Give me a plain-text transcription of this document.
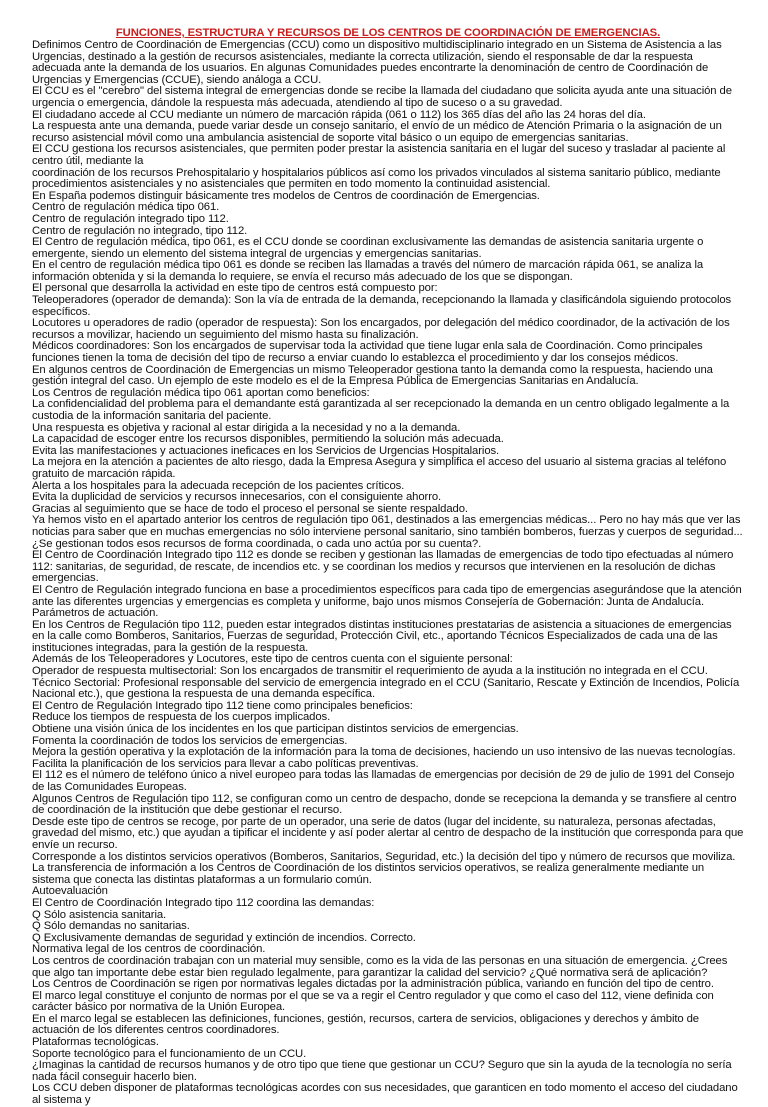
FUNCIONES, ESTRUCTURA Y RECURSOS DE LOS CENTROS DE COORDINACIÓN DE EMERGENCIAS.

Definimos Centro de Coordinación de Emergencias (CCU) como un dispositivo multidisciplinario integrado en un Sistema de Asistencia a las Urgencias, destinado a la gestión de recursos asistenciales, mediante la correcta utilización, siendo el responsable de dar la respuesta adecuada ante la demanda de los usuarios. En algunas Comunidades puedes encontrarte la denominación de centro de Coordinación de Urgencias y Emergencias (CCUE), siendo análoga a CCU.

El CCU es el "cerebro" del sistema integral de emergencias donde se recibe la llamada del ciudadano que solicita ayuda ante una situación de urgencia o emergencia, dándole la respuesta más adecuada, atendiendo al tipo de suceso o a su gravedad.

El ciudadano accede al CCU mediante un número de marcación rápida (061 o 112) los 365 días del año las 24 horas del día.

La respuesta ante una demanda, puede variar desde un consejo sanitario, el envío de un médico de Atención Primaria o la asignación de un recurso asistencial móvil como una ambulancia asistencial de soporte vital básico o un equipo de emergencias sanitarias.

El CCU gestiona los recursos asistenciales, que permiten poder prestar la asistencia sanitaria en el lugar del suceso y trasladar al paciente al centro útil, mediante la

coordinación de los recursos Prehospitalario y hospitalarios públicos así como los privados vinculados al sistema sanitario público, mediante procedimientos asistenciales y no asistenciales que permiten en todo momento la continuidad asistencial.

En España podemos distinguir básicamente tres modelos de Centros de coordinación de Emergencias.

Centro de regulación médica tipo 061.

Centro de regulación integrado tipo 112.

Centro de regulación no integrado, tipo 112.

El Centro de regulación médica, tipo 061, es el CCU donde se coordinan exclusivamente las demandas de asistencia sanitaria urgente o emergente, siendo un elemento del sistema integral de urgencias y emergencias sanitarias.

En el centro de regulación médica tipo 061 es donde se reciben las llamadas a través del número de marcación rápida 061, se analiza la información obtenida y si la demanda lo requiere, se envía el recurso más adecuado de los que se dispongan.

El personal que desarrolla la actividad en este tipo de centros está compuesto por:

Teleoperadores (operador de demanda): Son la vía de entrada de la demanda, recepcionando la llamada y clasificándola siguiendo protocolos específicos.

Locutores u operadores de radio (operador de respuesta): Son los encargados, por delegación del médico coordinador, de la activación de los recursos a movilizar, haciendo un seguimiento del mismo hasta su finalización.

Médicos coordinadores: Son los encargados de supervisar toda la actividad que tiene lugar enla sala de Coordinación. Como principales funciones tienen la toma de decisión del tipo de recurso a enviar cuando lo establezca el procedimiento y dar los consejos médicos.

En algunos centros de Coordinación de Emergencias un mismo Teleoperador gestiona tanto la demanda como la respuesta, haciendo una gestión integral del caso. Un ejemplo de este modelo es el de la Empresa Pública de Emergencias Sanitarias en Andalucía.

Los Centros de regulación médica tipo 061 aportan como beneficios:

La confidencialidad del problema para el demandante está garantizada al ser recepcionado la demanda en un centro obligado legalmente a la custodia de la información sanitaria del paciente.

Una respuesta es objetiva y racional al estar dirigida a la necesidad y no a la demanda.

La capacidad de escoger entre los recursos disponibles, permitiendo la solución más adecuada.

Evita las manifestaciones y actuaciones ineficaces en los Servicios de Urgencias Hospitalarios.

La mejora en la atención a pacientes de alto riesgo, dada la Empresa Asegura y simplifica el acceso del usuario al sistema gracias al teléfono gratuito de marcación rápida.

Alerta a los hospitales para la adecuada recepción de los pacientes críticos.

Evita la duplicidad de servicios y recursos innecesarios, con el consiguiente ahorro.

Gracias al seguimiento que se hace de todo el proceso el personal se siente respaldado.

Ya hemos visto en el apartado anterior los centros de regulación tipo 061, destinados a las emergencias médicas... Pero no hay más que ver las noticias para saber que en muchas emergencias no sólo interviene personal sanitario, sino también bomberos, fuerzas y cuerpos de seguridad... ¿Se gestionan todos esos recursos de forma coordinada, o cada uno actúa por su cuenta?.

El Centro de Coordinación Integrado tipo 112 es donde se reciben y gestionan las llamadas de emergencias de todo tipo efectuadas al número 112: sanitarias, de seguridad, de rescate, de incendios etc. y se coordinan los medios y recursos que intervienen en la resolución de dichas emergencias.

El Centro de Regulación integrado funciona en base a procedimientos específicos para cada tipo de emergencias asegurándose que la atención ante las diferentes urgencias y emergencias es completa y uniforme, bajo unos mismos Consejería de Gobernación: Junta de Andalucía. Parámetros de actuación.

En los Centros de Regulación tipo 112, pueden estar integrados distintas instituciones prestatarias de asistencia a situaciones de emergencias en la calle como Bomberos, Sanitarios, Fuerzas de seguridad, Protección Civil, etc., aportando Técnicos Especializados de cada una de las instituciones integradas, para la gestión de la respuesta.

Además de los Teleoperadores y Locutores, este tipo de centros cuenta con el siguiente personal:

Operador de respuesta multisectorial: Son los encargados de transmitir el requerimiento de ayuda a la institución no integrada en el CCU.

Técnico Sectorial: Profesional responsable del servicio de emergencia integrado en el CCU (Sanitario, Rescate y Extinción de Incendios, Policía Nacional etc.), que gestiona la respuesta de una demanda específica.

El Centro de Regulación Integrado tipo 112 tiene como principales beneficios:

Reduce los tiempos de respuesta de los cuerpos implicados.

Obtiene una visión única de los incidentes en los que participan distintos servicios de emergencias.

Fomenta la coordinación de todos los servicios de emergencias.

Mejora la gestión operativa y la explotación de la información para la toma de decisiones, haciendo un uso intensivo de las nuevas tecnologías.

Facilita la planificación de los servicios para llevar a cabo políticas preventivas.

El 112 es el número de teléfono único a nivel europeo para todas las llamadas de emergencias por decisión de 29 de julio de 1991 del Consejo de las Comunidades Europeas.

Algunos Centros de Regulación tipo 112, se configuran como un centro de despacho, donde se recepciona la demanda y se transfiere al centro de coordinación de la institución que debe gestionar el recurso.

Desde este tipo de centros se recoge, por parte de un operador, una serie de datos (lugar del incidente, su naturaleza, personas afectadas, gravedad del mismo, etc.) que ayudan a tipificar el incidente y así poder alertar al centro de despacho de la institución que corresponda para que envíe un recurso.

Corresponde a los distintos servicios operativos (Bomberos, Sanitarios, Seguridad, etc.) la decisión del tipo y número de recursos que moviliza.

La transferencia de información a los Centros de Coordinación de los distintos servicios operativos, se realiza generalmente mediante un sistema que conecta las distintas plataformas a un formulario común.

Autoevaluación

El Centro de Coordinación Integrado tipo 112 coordina las demandas:

Q Sólo asistencia sanitaria.

Q Sólo demandas no sanitarias.

Q Exclusivamente demandas de seguridad y extinción de incendios. Correcto.

Normativa legal de los centros de coordinación.

Los centros de coordinación trabajan con un material muy sensible, como es la vida de las personas en una situación de emergencia. ¿Crees que algo tan importante debe estar bien regulado legalmente, para garantizar la calidad del servicio? ¿Qué normativa será de aplicación?

Los Centros de Coordinación se rigen por normativas legales dictadas por la administración pública, variando en función del tipo de centro.

El marco legal constituye el conjunto de normas por el que se va a regir el Centro regulador y que como el caso del 112, viene definida con carácter básico por normativa de la Unión Europea.

En el marco legal se establecen las definiciones, funciones, gestión, recursos, cartera de servicios, obligaciones y derechos y ámbito de actuación de los diferentes centros coordinadores.

Plataformas tecnológicas.

Soporte tecnológico para el funcionamiento de un CCU.

¿Imaginas la cantidad de recursos humanos y de otro tipo que tiene que gestionar un CCU? Seguro que sin la ayuda de la tecnología no sería nada fácil conseguir hacerlo bien.

Los CCU deben disponer de plataformas tecnológicas acordes con sus necesidades, que garanticen en todo momento el acceso del ciudadano al sistema y
